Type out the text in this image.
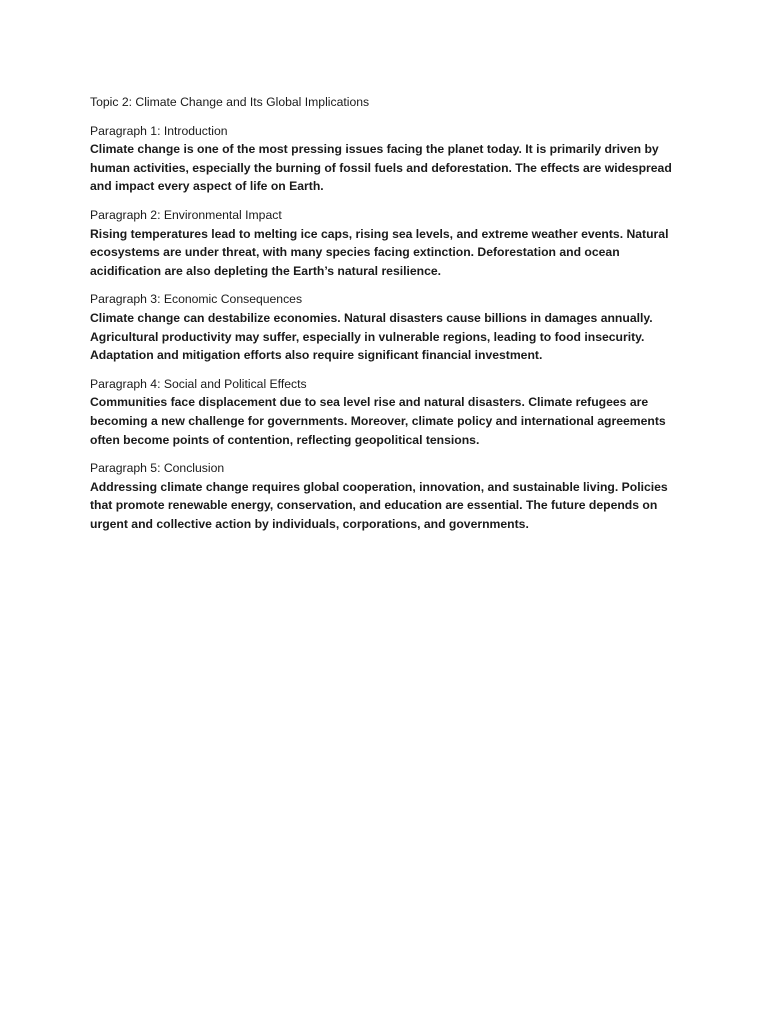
Topic 2: Climate Change and Its Global Implications
Paragraph 1: Introduction
Climate change is one of the most pressing issues facing the planet today. It is primarily driven by human activities, especially the burning of fossil fuels and deforestation. The effects are widespread and impact every aspect of life on Earth.
Paragraph 2: Environmental Impact
Rising temperatures lead to melting ice caps, rising sea levels, and extreme weather events. Natural ecosystems are under threat, with many species facing extinction. Deforestation and ocean acidification are also depleting the Earth’s natural resilience.
Paragraph 3: Economic Consequences
Climate change can destabilize economies. Natural disasters cause billions in damages annually. Agricultural productivity may suffer, especially in vulnerable regions, leading to food insecurity. Adaptation and mitigation efforts also require significant financial investment.
Paragraph 4: Social and Political Effects
Communities face displacement due to sea level rise and natural disasters. Climate refugees are becoming a new challenge for governments. Moreover, climate policy and international agreements often become points of contention, reflecting geopolitical tensions.
Paragraph 5: Conclusion
Addressing climate change requires global cooperation, innovation, and sustainable living. Policies that promote renewable energy, conservation, and education are essential. The future depends on urgent and collective action by individuals, corporations, and governments.
